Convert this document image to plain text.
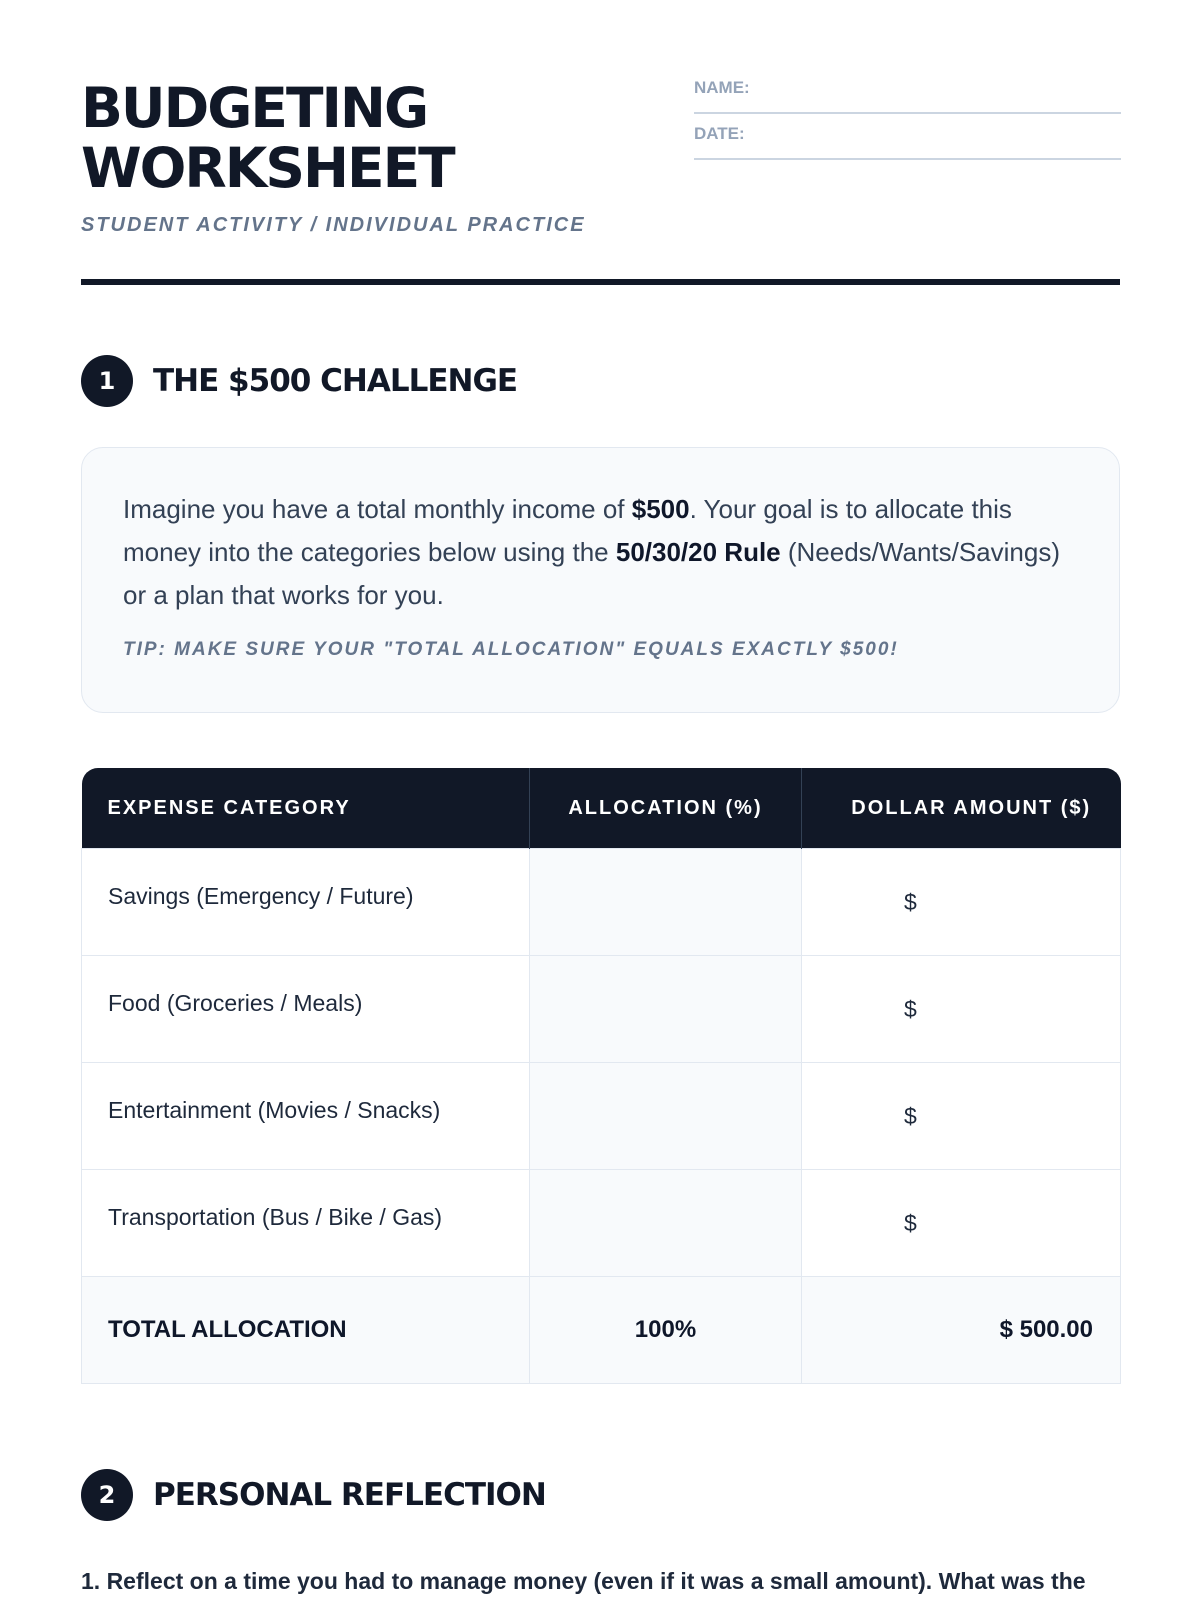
BUDGETING
WORKSHEET
STUDENT ACTIVITY / INDIVIDUAL PRACTICE
NAME:
DATE:
1	THE $500 CHALLENGE

Imagine you have a total monthly income of $500. Your goal is to allocate this money into the categories below using the 50/30/20 Rule (Needs/Wants/Savings) or a plan that works for you.

TIP: MAKE SURE YOUR "TOTAL ALLOCATION" EQUALS EXACTLY $500!
EXPENSE CATEGORY	ALLOCATION (%)	DOLLAR AMOUNT ($)
Savings (Emergency / Future)		$
Food (Groceries / Meals)		$
Entertainment (Movies / Snacks)		$
Transportation (Bus / Bike / Gas)		$
TOTAL ALLOCATION	100%	$ 500.00
2	PERSONAL REFLECTION

1. Reflect on a time you had to manage money (even if it was a small amount). What was the
